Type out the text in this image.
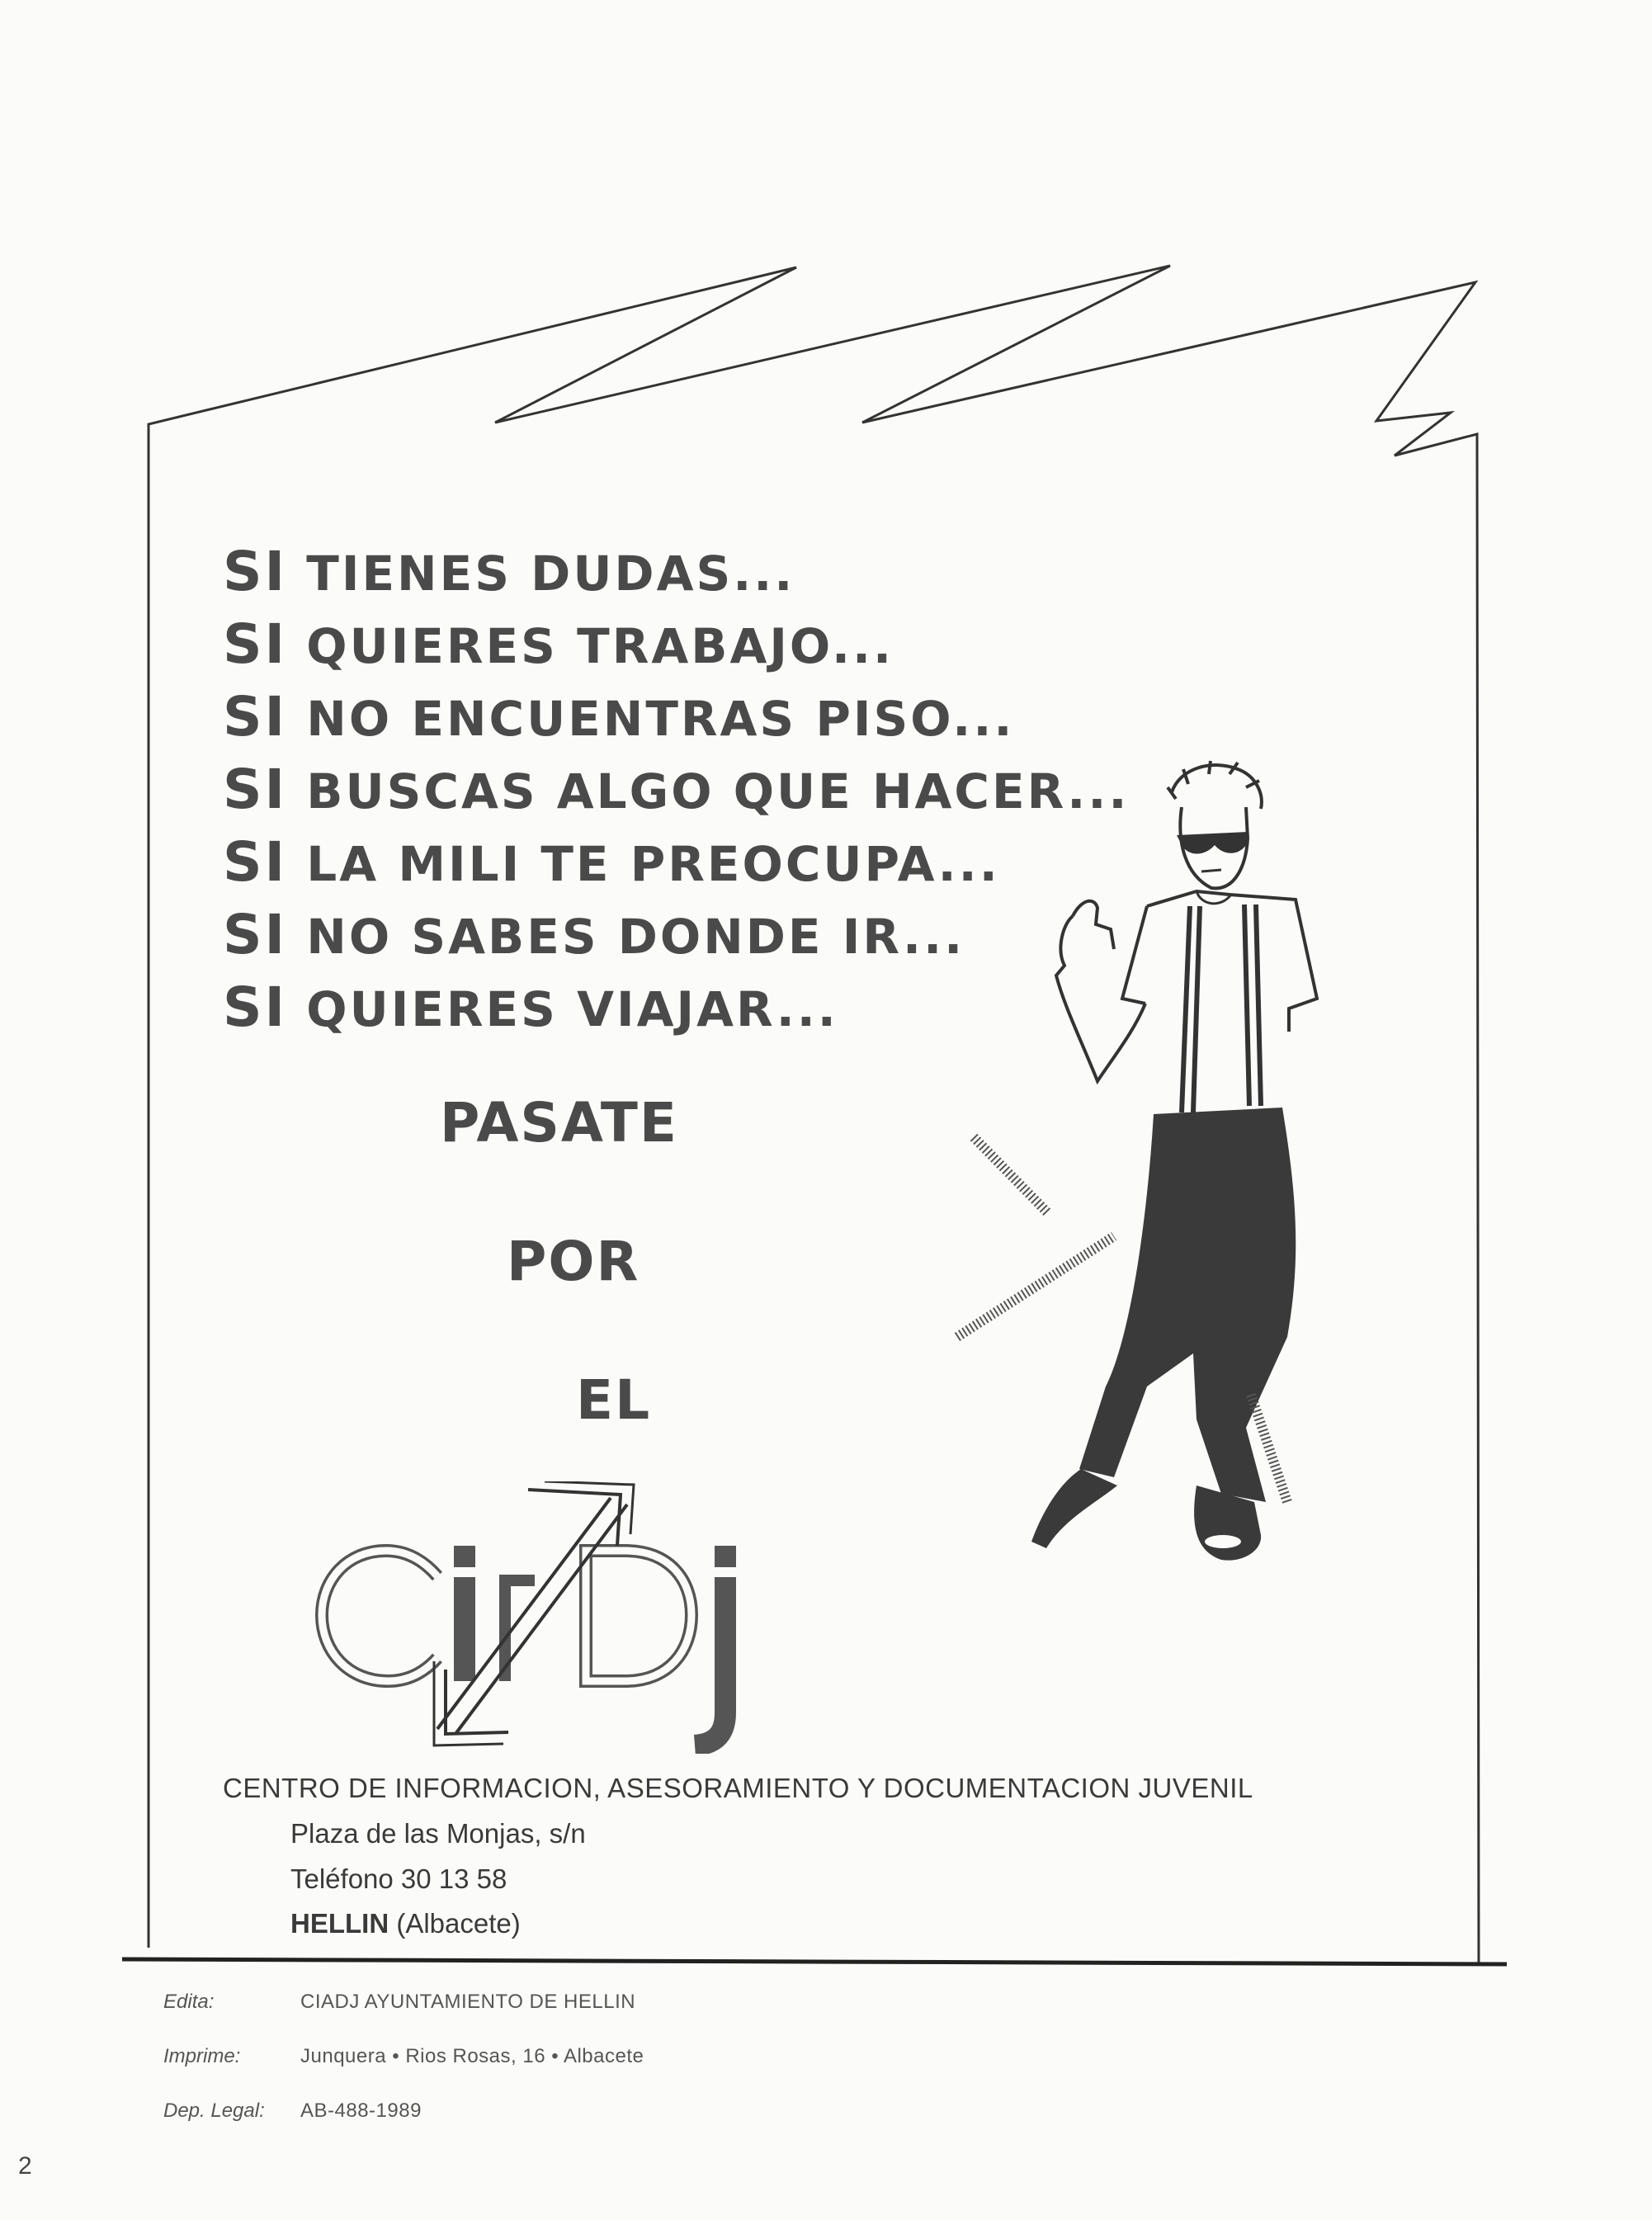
SI TIENES DUDAS...
SI QUIERES TRABAJO...
SI NO ENCUENTRAS PISO...
SI BUSCAS ALGO QUE HACER...
SI LA MILI TE PREOCUPA...
SI NO SABES DONDE IR...
SI QUIERES VIAJAR...
PASATE
POR
EL
CENTRO DE INFORMACION, ASESORAMIENTO Y DOCUMENTACION JUVENIL
Plaza de las Monjas, s/n
Teléfono 30 13 58
HELLIN (Albacete)
Edita:	CIADJ AYUNTAMIENTO DE HELLIN
Imprime:	Junquera • Rios Rosas, 16 • Albacete
Dep. Legal:	AB-488-1989
2
